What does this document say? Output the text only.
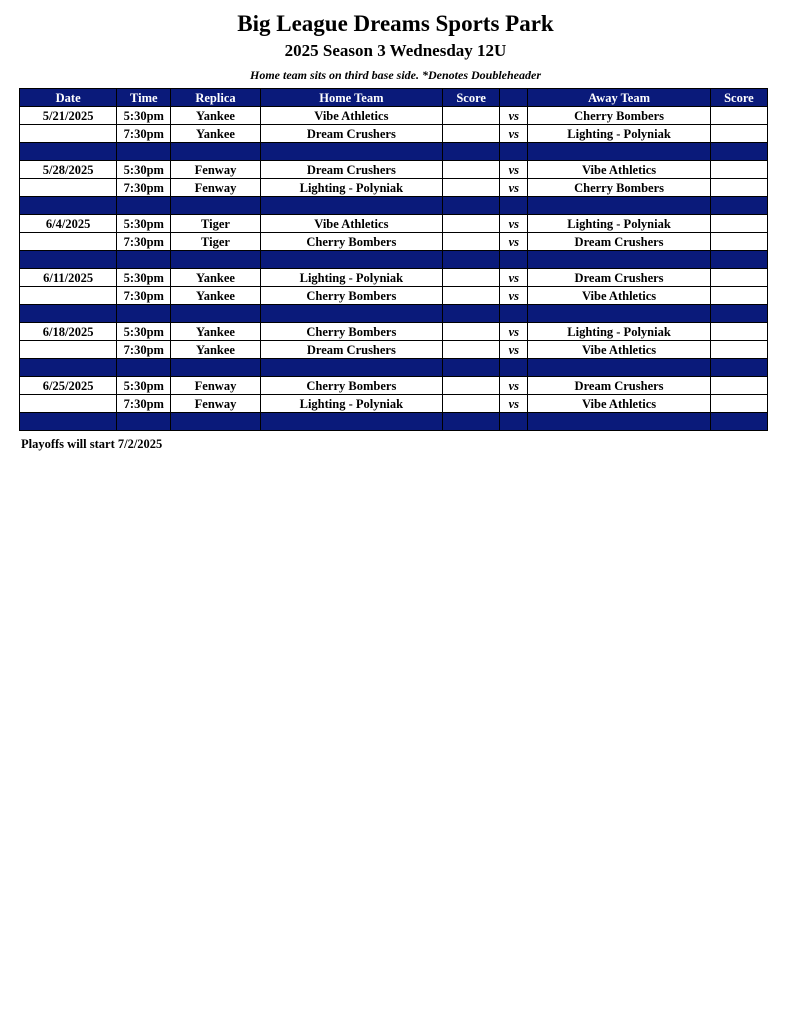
Big League Dreams Sports Park
2025 Season 3 Wednesday 12U
Home team sits on third base side. *Denotes Doubleheader
Date	Time	Replica	Home Team	Score		Away Team	Score
5/21/2025	5:30pm	Yankee	Vibe Athletics		vs	Cherry Bombers	
	7:30pm	Yankee	Dream Crushers		vs	Lighting - Polyniak	

5/28/2025	5:30pm	Fenway	Dream Crushers		vs	Vibe Athletics	
	7:30pm	Fenway	Lighting - Polyniak		vs	Cherry Bombers	

6/4/2025	5:30pm	Tiger	Vibe Athletics		vs	Lighting - Polyniak	
	7:30pm	Tiger	Cherry Bombers		vs	Dream Crushers	

6/11/2025	5:30pm	Yankee	Lighting - Polyniak		vs	Dream Crushers	
	7:30pm	Yankee	Cherry Bombers		vs	Vibe Athletics	

6/18/2025	5:30pm	Yankee	Cherry Bombers		vs	Lighting - Polyniak	
	7:30pm	Yankee	Dream Crushers		vs	Vibe Athletics	

6/25/2025	5:30pm	Fenway	Cherry Bombers		vs	Dream Crushers	
	7:30pm	Fenway	Lighting - Polyniak		vs	Vibe Athletics	

Playoffs will start 7/2/2025
